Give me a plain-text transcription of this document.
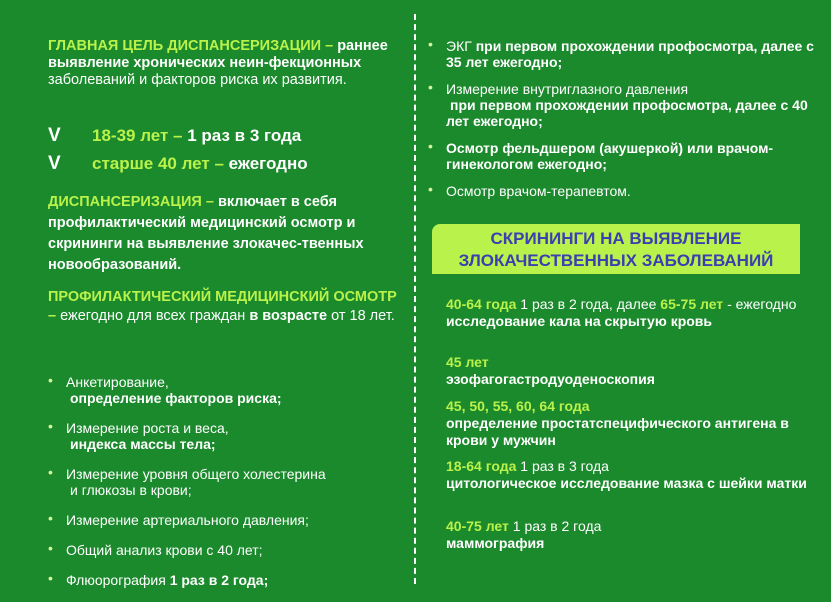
ГЛАВНАЯ ЦЕЛЬ ДИСПАНСЕРИЗАЦИИ – раннее выявление хронических неин-фекционных заболеваний и факторов риска их развития.
V 18-39 лет – 1 раз в 3 года
V старше 40 лет – ежегодно
ДИСПАНСЕРИЗАЦИЯ – включает в себя профилактический медицинский осмотр и скрининги на выявление злокачес-твенных новообразований.
ПРОФИЛАКТИЧЕСКИЙ МЕДИЦИНСКИЙ ОСМОТР – ежегодно для всех граждан в возрасте от 18 лет.
• Анкетирование,
определение факторов риска;
• Измерение роста и веса,
индекса массы тела;
• Измерение уровня общего холестерина
и глюкозы в крови;
• Измерение артериального давления;
• Общий анализ крови с 40 лет;
• Флюорография 1 раз в 2 года;
• ЭКГ при первом прохождении профосмотра, далее с 35 лет ежегодно;
• Измерение внутриглазного давления
при первом прохождении профосмотра, далее с 40 лет ежегодно;
• Осмотр фельдшером (акушеркой) или врачом-гинекологом ежегодно;
• Осмотр врачом-терапевтом.
СКРИНИНГИ НА ВЫЯВЛЕНИЕ
ЗЛОКАЧЕСТВЕННЫХ ЗАБОЛЕВАНИЙ
40-64 года 1 раз в 2 года, далее 65-75 лет - ежегодно
исследование кала на скрытую кровь
45 лет
эзофагогастродуоденоскопия
45, 50, 55, 60, 64 года
определение простатспецифического антигена в крови у мужчин
18-64 года 1 раз в 3 года
цитологическое исследование мазка с шейки матки
40-75 лет 1 раз в 2 года
маммография
